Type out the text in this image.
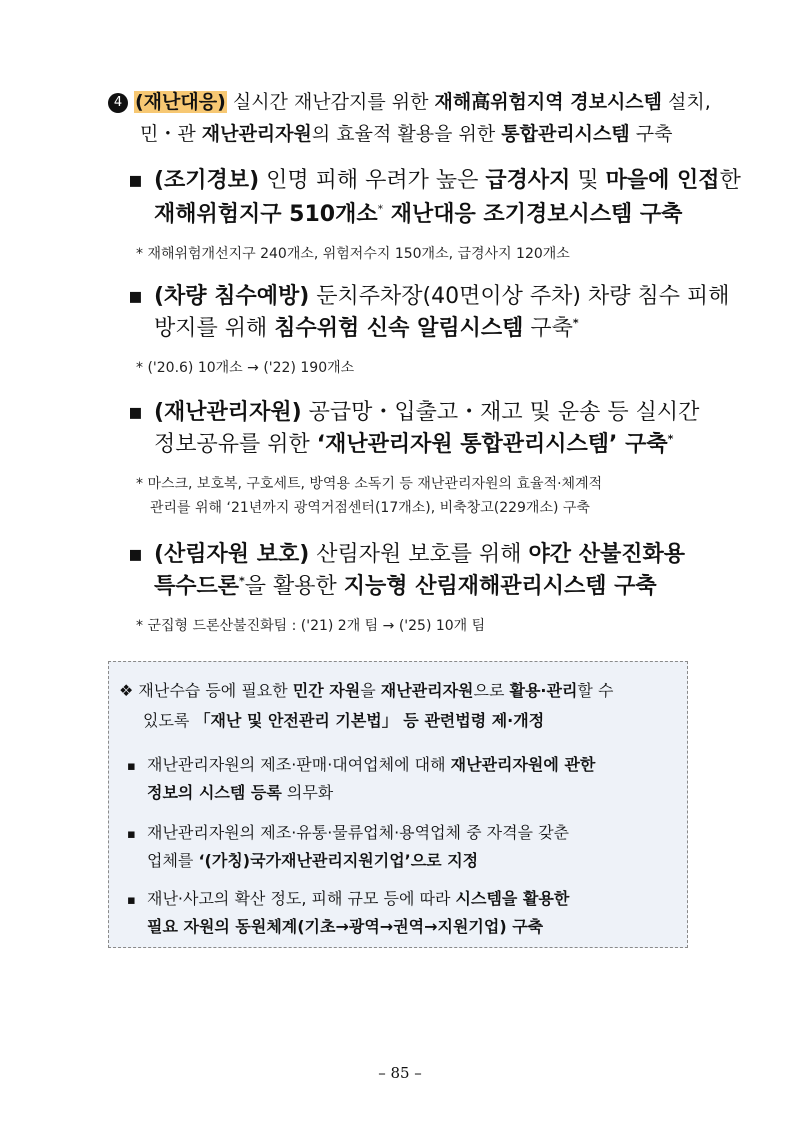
4 (재난대응) 실시간 재난감지를 위한 재해高위험지역 경보시스템 설치,
민・관 재난관리자원의 효율적 활용을 위한 통합관리시스템 구축
▪ (조기경보) 인명 피해 우려가 높은 급경사지 및 마을에 인접한
재해위험지구 510개소* 재난대응 조기경보시스템 구축
* 재해위험개선지구 240개소, 위험저수지 150개소, 급경사지 120개소
▪ (차량 침수예방) 둔치주차장(40면이상 주차) 차량 침수 피해
방지를 위해 침수위험 신속 알림시스템 구축*
* ('20.6) 10개소 → ('22) 190개소
▪ (재난관리자원) 공급망・입출고・재고 및 운송 등 실시간
정보공유를 위한 ‘재난관리자원 통합관리시스템’ 구축*
* 마스크, 보호복, 구호세트, 방역용 소독기 등 재난관리자원의 효율적·체계적
관리를 위해 ‘21년까지 광역거점센터(17개소), 비축창고(229개소) 구축
▪ (산림자원 보호) 산림자원 보호를 위해 야간 산불진화용
특수드론*을 활용한 지능형 산림재해관리시스템 구축
* 군집형 드론산불진화팀 : ('21) 2개 팀 → ('25) 10개 팀
❖ 재난수습 등에 필요한 민간 자원을 재난관리자원으로 활용·관리할 수
있도록 「재난 및 안전관리 기본법」 등 관련법령 제·개정
▪ 재난관리자원의 제조·판매·대여업체에 대해 재난관리자원에 관한
정보의 시스템 등록 의무화
▪ 재난관리자원의 제조·유통·물류업체·용역업체 중 자격을 갖춘
업체를 ‘(가칭)국가재난관리지원기업’으로 지정
▪ 재난·사고의 확산 정도, 피해 규모 등에 따라 시스템을 활용한
필요 자원의 동원체계(기초→광역→권역→지원기업) 구축
– 85 –
